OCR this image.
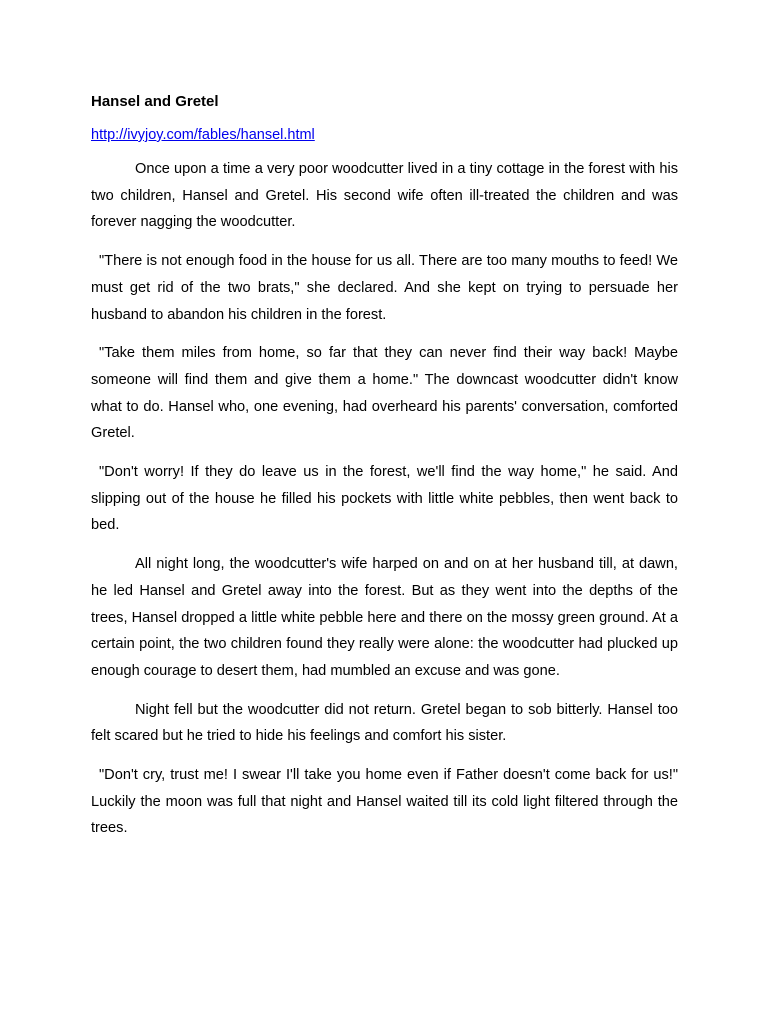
Hansel and Gretel
http://ivyjoy.com/fables/hansel.html

Once upon a time a very poor woodcutter lived in a tiny cottage in the forest with his two children, Hansel and Gretel. His second wife often ill-treated the children and was forever nagging the woodcutter.

"There is not enough food in the house for us all. There are too many mouths to feed! We must get rid of the two brats," she declared. And she kept on trying to persuade her husband to abandon his children in the forest.

"Take them miles from home, so far that they can never find their way back! Maybe someone will find them and give them a home." The downcast woodcutter didn't know what to do. Hansel who, one evening, had overheard his parents' conversation, comforted Gretel.

"Don't worry! If they do leave us in the forest, we'll find the way home," he said. And slipping out of the house he filled his pockets with little white pebbles, then went back to bed.

All night long, the woodcutter's wife harped on and on at her husband till, at dawn, he led Hansel and Gretel away into the forest. But as they went into the depths of the trees, Hansel dropped a little white pebble here and there on the mossy green ground. At a certain point, the two children found they really were alone: the woodcutter had plucked up enough courage to desert them, had mumbled an excuse and was gone.

Night fell but the woodcutter did not return. Gretel began to sob bitterly. Hansel too felt scared but he tried to hide his feelings and comfort his sister.

"Don't cry, trust me! I swear I'll take you home even if Father doesn't come back for us!" Luckily the moon was full that night and Hansel waited till its cold light filtered through the trees.
